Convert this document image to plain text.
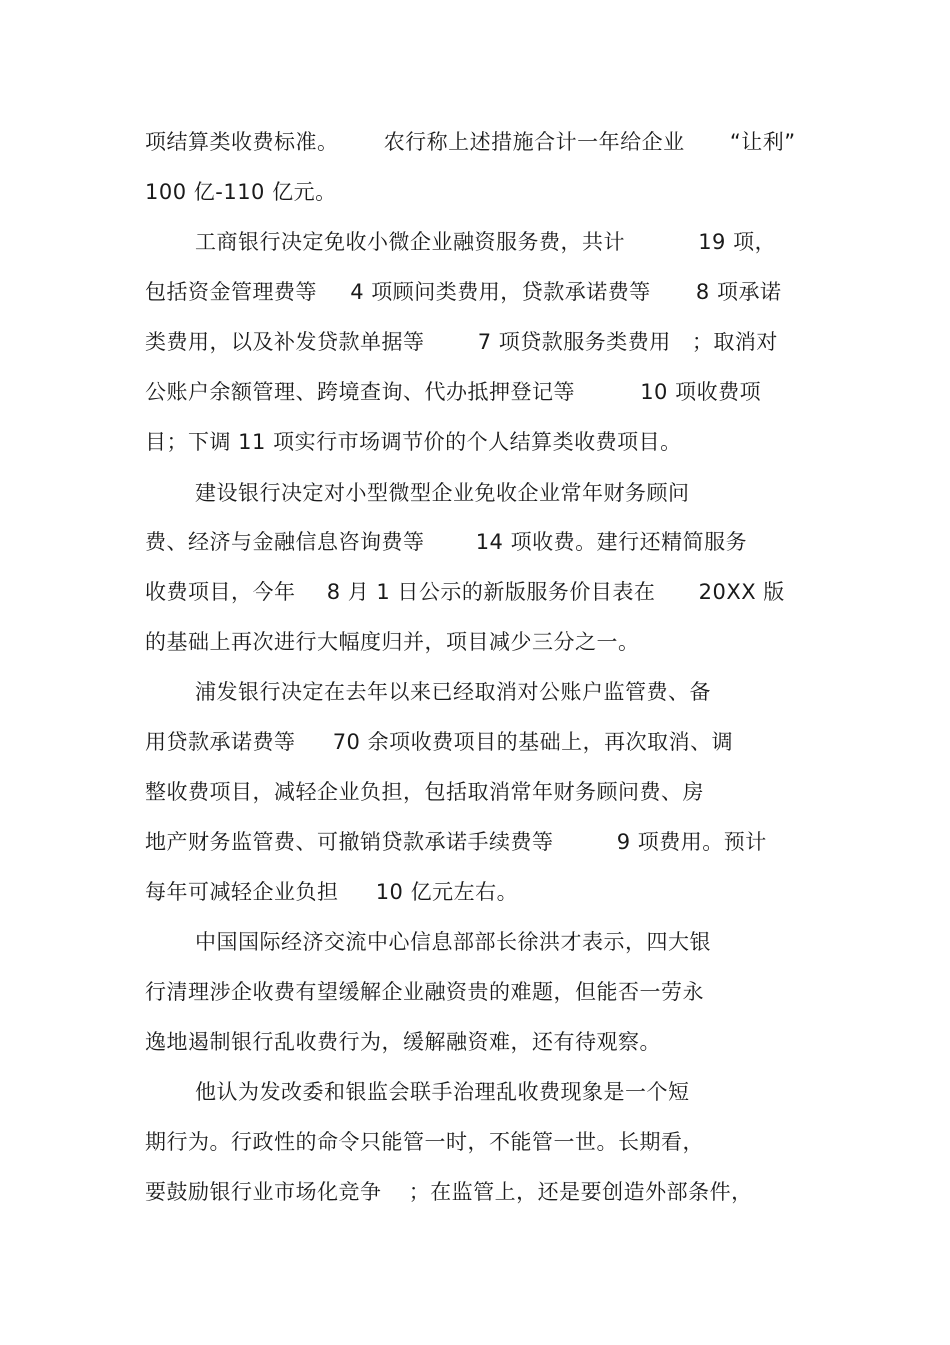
项结算类收费标准。 农行称上述措施合计一年给企业 “让利”
100 亿-110 亿元。
工商银行决定免收小微企业融资服务费，共计	19 项，
包括资金管理费等 4 项顾问类费用，贷款承诺费等 8 项承诺
类费用，以及补发贷款单据等	7 项贷款服务类费用 ；取消对
公账户余额管理、跨境查询、代办抵押登记等	10 项收费项
目；下调 11 项实行市场调节价的个人结算类收费项目。
建设银行决定对小型微型企业免收企业常年财务顾问
费、经济与金融信息咨询费等 14 项收费。建行还精简服务
收费项目，今年 8 月 1 日公示的新版服务价目表在 20XX 版
的基础上再次进行大幅度归并，项目减少三分之一。
浦发银行决定在去年以来已经取消对公账户监管费、备
用贷款承诺费等 70 余项收费项目的基础上，再次取消、调
整收费项目，减轻企业负担，包括取消常年财务顾问费、房
地产财务监管费、可撤销贷款承诺手续费等	9 项费用。预计
每年可减轻企业负担 10 亿元左右。
中国国际经济交流中心信息部部长徐洪才表示，四大银
行清理涉企收费有望缓解企业融资贵的难题，但能否一劳永
逸地遏制银行乱收费行为，缓解融资难，还有待观察。
他认为发改委和银监会联手治理乱收费现象是一个短
期行为。行政性的命令只能管一时，不能管一世。长期看，
要鼓励银行业市场化竞争 ；在监管上，还是要创造外部条件，
